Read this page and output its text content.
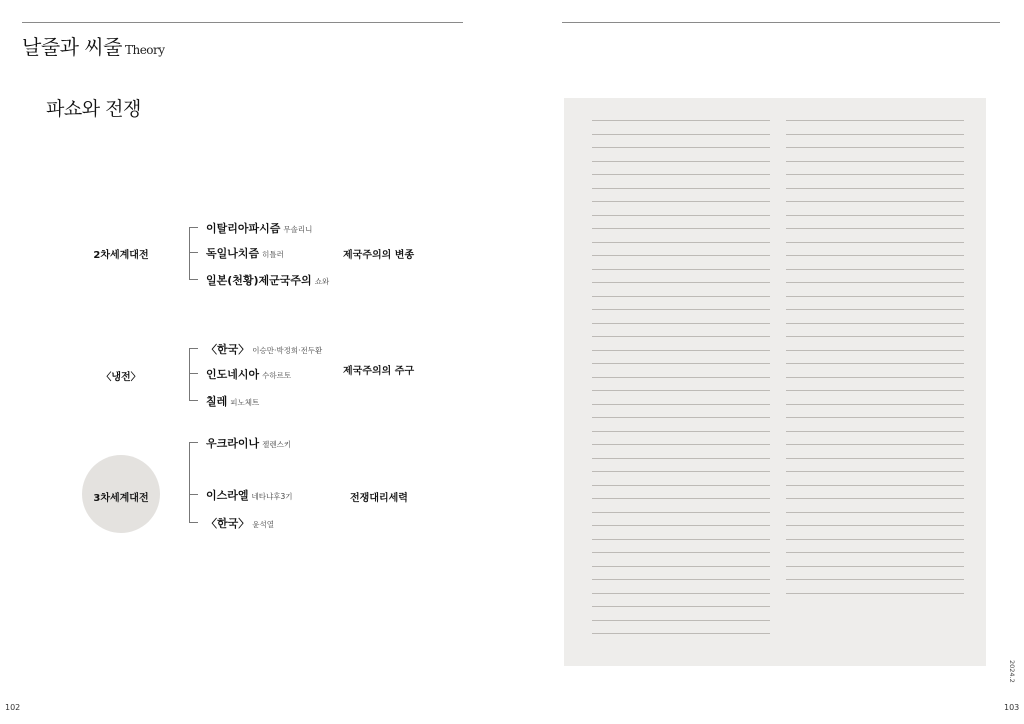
날줄과 씨줄 Theory
파쇼와 전쟁
2차세계대전
이탈리아파시즘 무솔리니
독일나치즘 히틀러
일본(천황)제군국주의 쇼와
제국주의의 변종
〈냉전〉
〈한국〉 이승만·박정희·전두환
인도네시아 수하르토
칠레 피노체트
제국주의의 주구
3차세계대전
우크라이나 젤렌스키
이스라엘 네타냐후3기
〈한국〉 윤석열
전쟁대리세력
102
2024.2
103
